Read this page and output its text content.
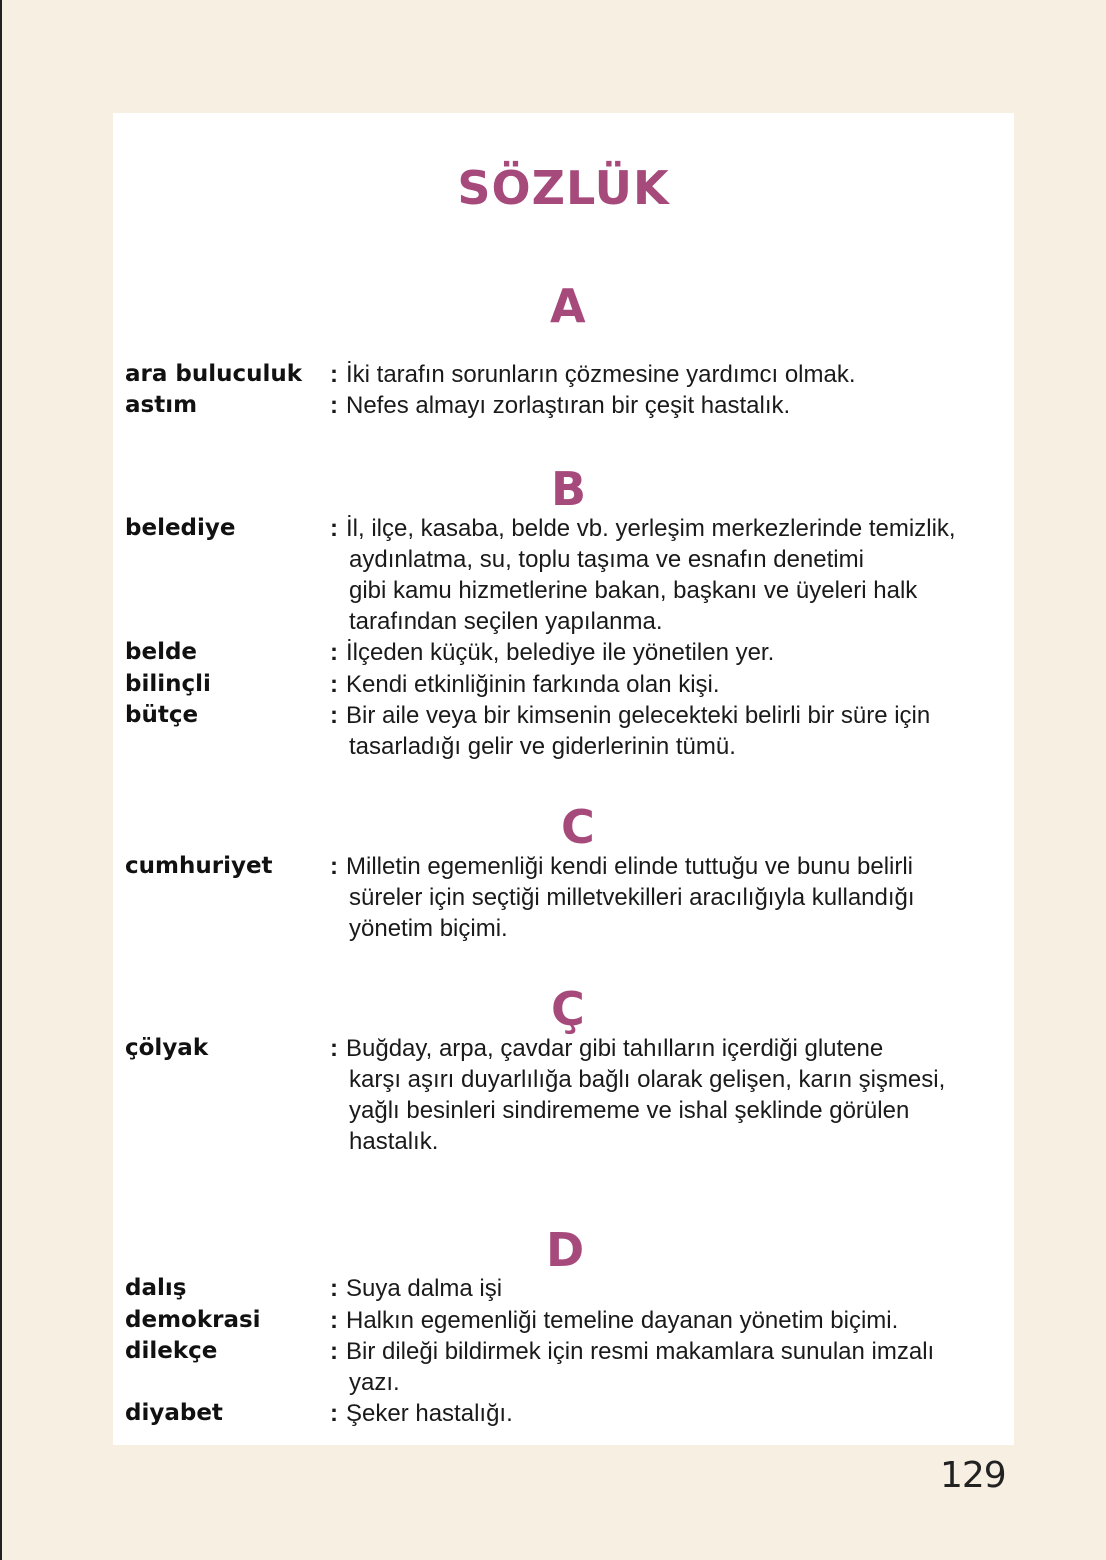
SÖZLÜK
A
ara buluculuk : İki tarafın sorunların çözmesine yardımcı olmak.
astım	: Nefes almayı zorlaştıran bir çeşit hastalık.
B
belediye	: İl, ilçe, kasaba, belde vb. yerleşim merkezlerinde temizlik,
aydınlatma, su, toplu taşıma ve esnafın denetimi
gibi kamu hizmetlerine bakan, başkanı ve üyeleri halk
tarafından seçilen yapılanma.
belde	: İlçeden küçük, belediye ile yönetilen yer.
bilinçli	: Kendi etkinliğinin farkında olan kişi.
bütçe	: Bir aile veya bir kimsenin gelecekteki belirli bir süre için
tasarladığı gelir ve giderlerinin tümü.
C
cumhuriyet : Milletin egemenliği kendi elinde tuttuğu ve bunu belirli
süreler için seçtiği milletvekilleri aracılığıyla kullandığı
yönetim biçimi.
Ç
çölyak	: Buğday, arpa, çavdar gibi tahılların içerdiği glutene
karşı aşırı duyarlılığa bağlı olarak gelişen, karın şişmesi,
yağlı besinleri sindirememe ve ishal şeklinde görülen
hastalık.
D
dalış	: Suya dalma işi
demokrasi	: Halkın egemenliği temeline dayanan yönetim biçimi.
dilekçe	: Bir dileği bildirmek için resmi makamlara sunulan imzalı
yazı.
diyabet	: Şeker hastalığı.
129
